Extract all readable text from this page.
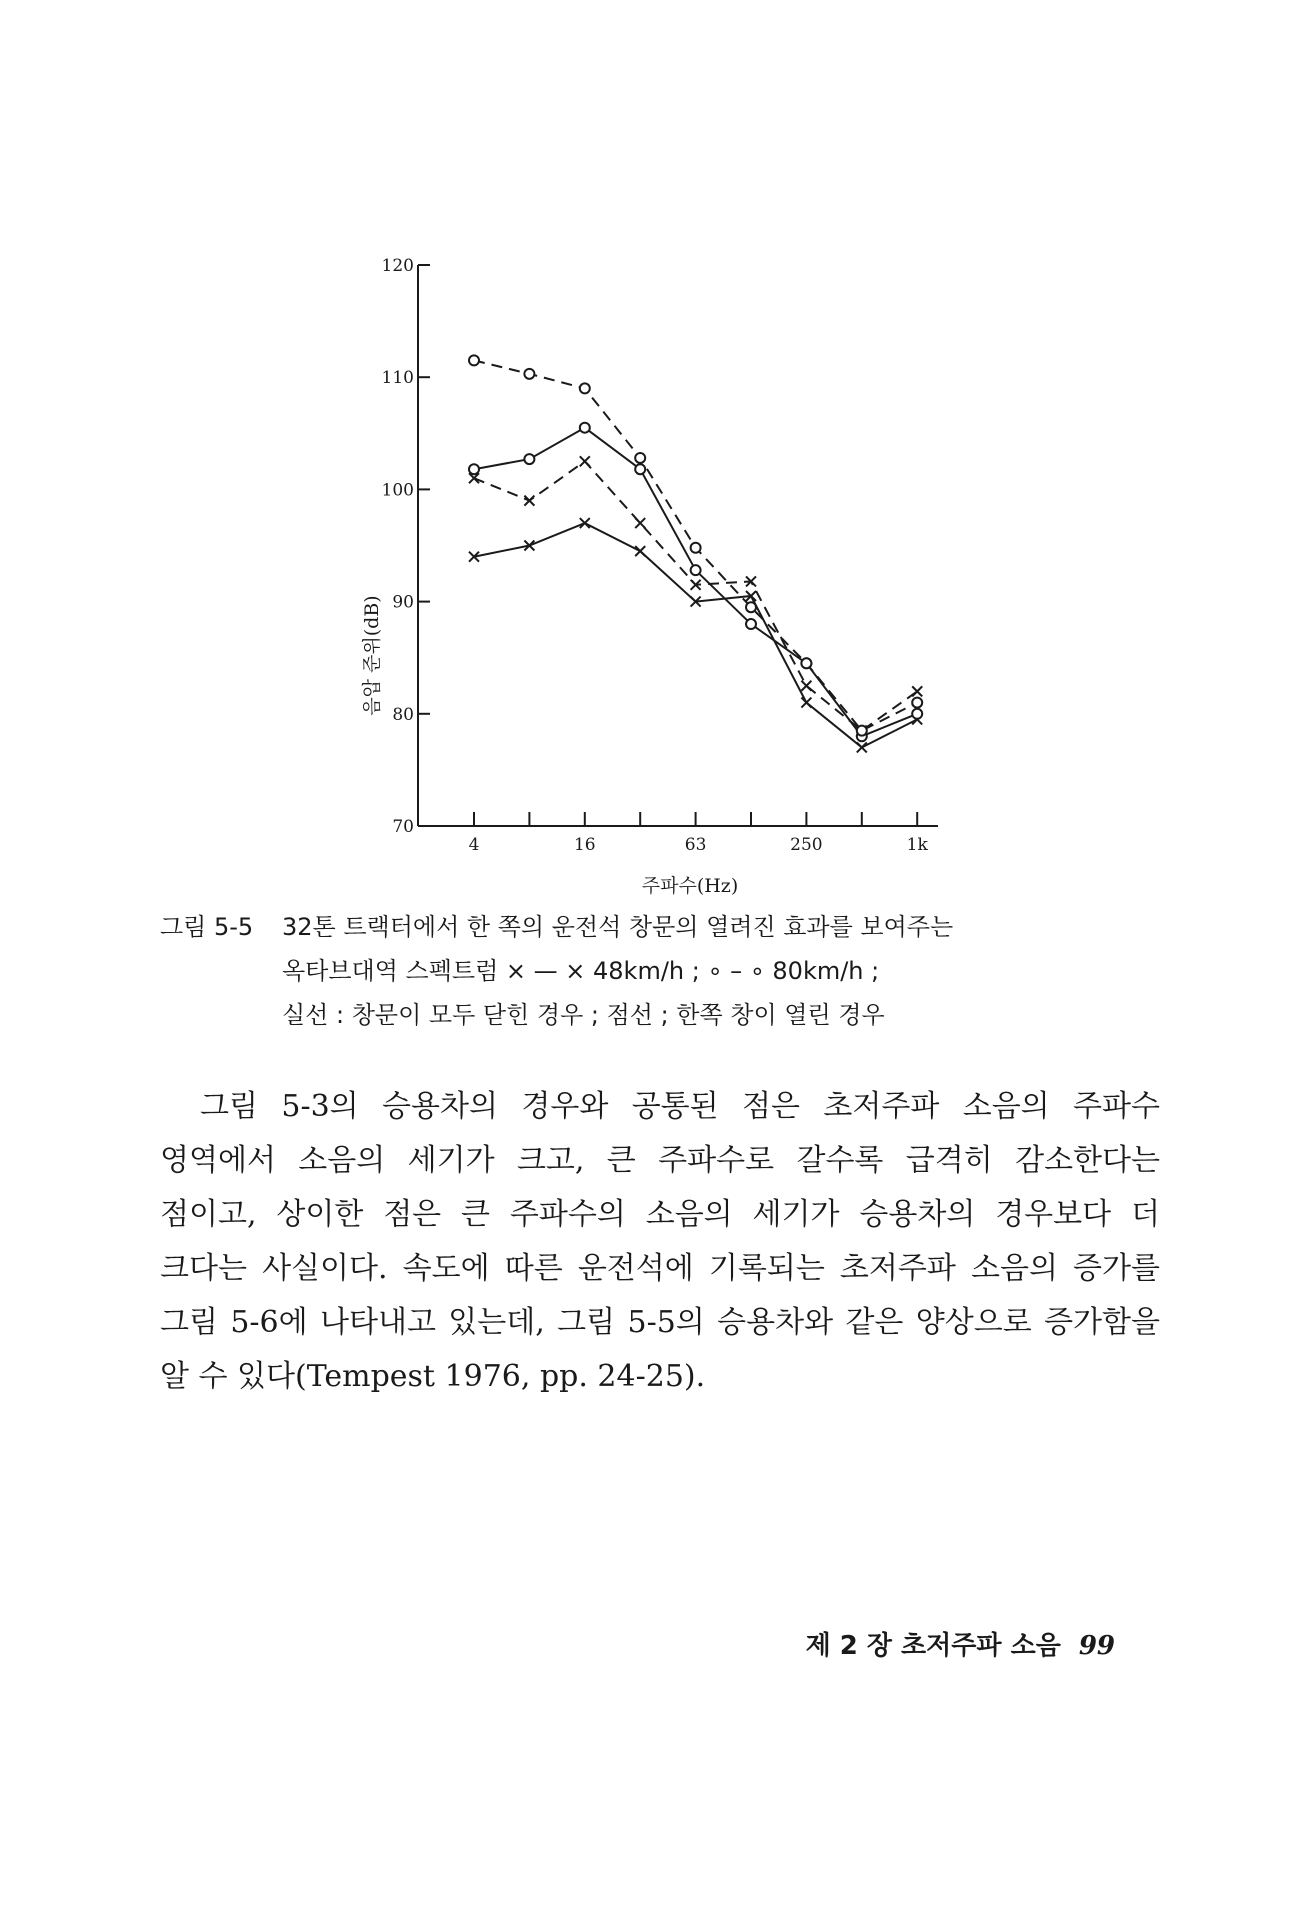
70
80
90
100
110
120
4	16	63	250	1k
주파수(Hz)
음압 준위(dB)
그림 5-5 32톤 트랙터에서 한 쪽의 운전석 창문의 열려진 효과를 보여주는
옥타브대역 스펙트럼 × — × 48km/h ; ∘ – ∘ 80km/h ;
실선 : 창문이 모두 닫힌 경우 ; 점선 ; 한쪽 창이 열린 경우

그림 5-3의 승용차의 경우와 공통된 점은 초저주파 소음의 주파수 영역에서 소음의 세기가 크고, 큰 주파수로 갈수록 급격히 감소한다는 점이고, 상이한 점은 큰 주파수의 소음의 세기가 승용차의 경우보다 더 크다는 사실이다. 속도에 따른 운전석에 기록되는 초저주파 소음의 증가를 그림 5-6에 나타내고 있는데, 그림 5-5의 승용차와 같은 양상으로 증가함을 알 수 있다(Tempest 1976, pp. 24-25).

제 2 장 초저주파 소음 99
